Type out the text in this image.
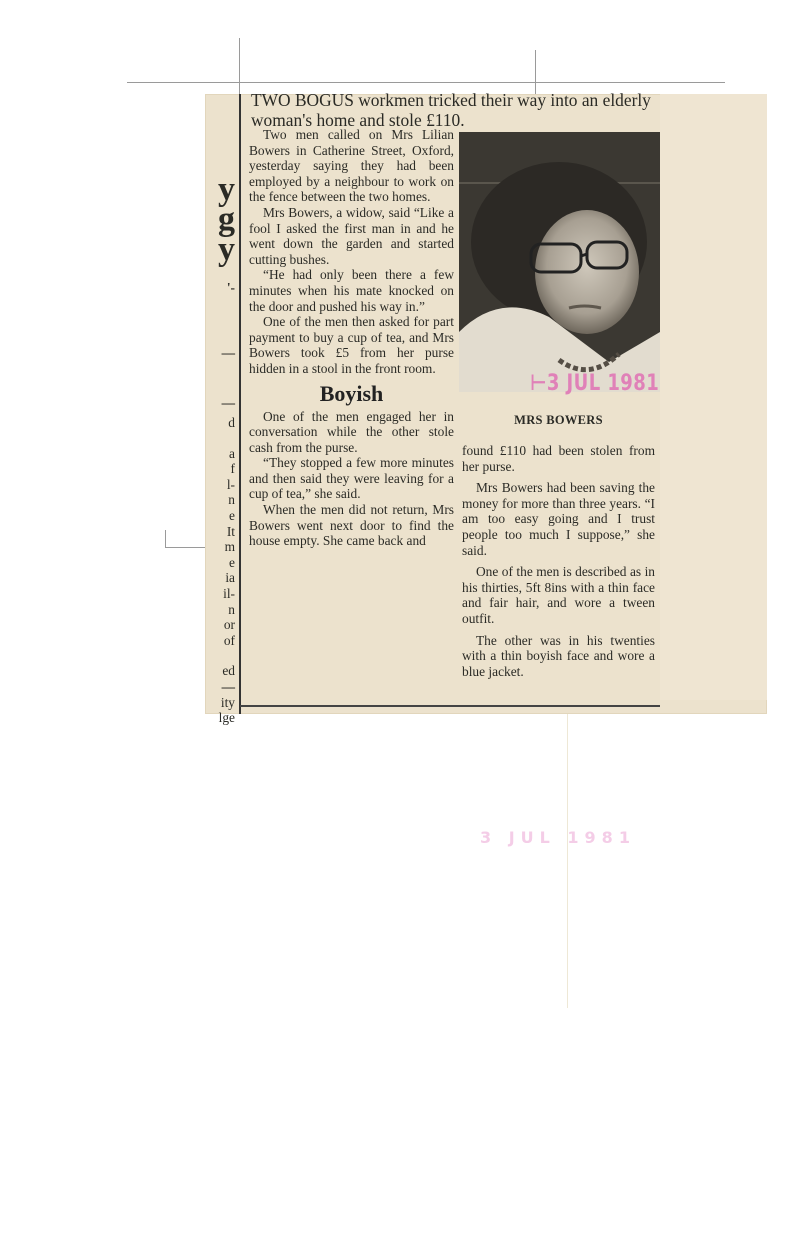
y
g
y
'-
—
—
d
a
f
l-
n
e
It
m
e
ia
il-
n
or
of
ed
—
ity
lge
TWO BOGUS workmen tricked their way into an elderly woman's home and stole £110.

Two men called on Mrs Lilian Bowers in Catherine Street, Oxford, yesterday saying they had been employed by a neighbour to work on the fence between the two homes.

Mrs Bowers, a widow, said “Like a fool I asked the first man in and he went down the garden and started cutting bushes.

“He had only been there a few minutes when his mate knocked on the door and pushed his way in.”

One of the men then asked for part payment to buy a cup of tea, and Mrs Bowers took £5 from her purse hidden in a stool in the front room.

Boyish

One of the men engaged her in conversation while the other stole cash from the purse.

“They stopped a few more minutes and then said they were leaving for a cup of tea,” she said.

When the men did not return, Mrs Bowers went next door to find the house empty. She came back and

⊢3 JUL 1981
MRS BOWERS

found £110 had been stolen from her purse.

Mrs Bowers had been saving the money for more than three years. “I am too easy going and I trust people too much I suppose,” she said.

One of the men is described as in his thirties, 5ft 8ins with a thin face and fair hair, and wore a tween outfit.

The other was in his twenties with a thin boyish face and wore a blue jacket.

3 JUL 1981
